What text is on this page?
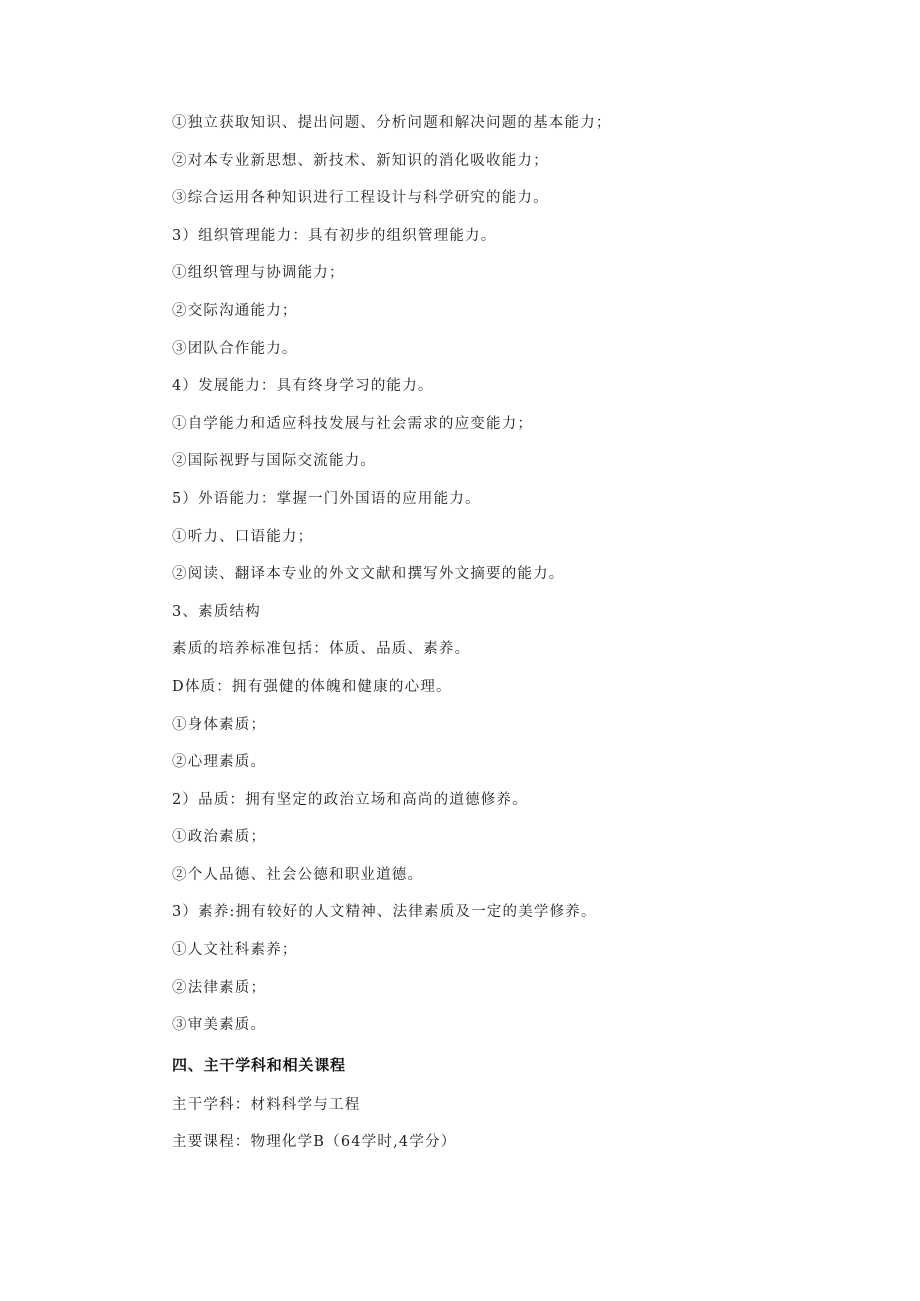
①独立获取知识、提出问题、分析问题和解决问题的基本能力；
②对本专业新思想、新技术、新知识的消化吸收能力；
③综合运用各种知识进行工程设计与科学研究的能力。
3）组织管理能力：具有初步的组织管理能力。
①组织管理与协调能力；
②交际沟通能力；
③团队合作能力。
4）发展能力：具有终身学习的能力。
①自学能力和适应科技发展与社会需求的应变能力；
②国际视野与国际交流能力。
5）外语能力：掌握一门外国语的应用能力。
①听力、口语能力；
②阅读、翻译本专业的外文文献和撰写外文摘要的能力。
3、素质结构
素质的培养标准包括：体质、品质、素养。
D体质：拥有强健的体魄和健康的心理。
①身体素质；
②心理素质。
2）品质：拥有坚定的政治立场和高尚的道德修养。
①政治素质；
②个人品德、社会公德和职业道德。
3）素养:拥有较好的人文精神、法律素质及一定的美学修养。
①人文社科素养；
②法律素质；
③审美素质。
四、主干学科和相关课程
主干学科：材料科学与工程
主要课程：物理化学B（64学时,4学分）
